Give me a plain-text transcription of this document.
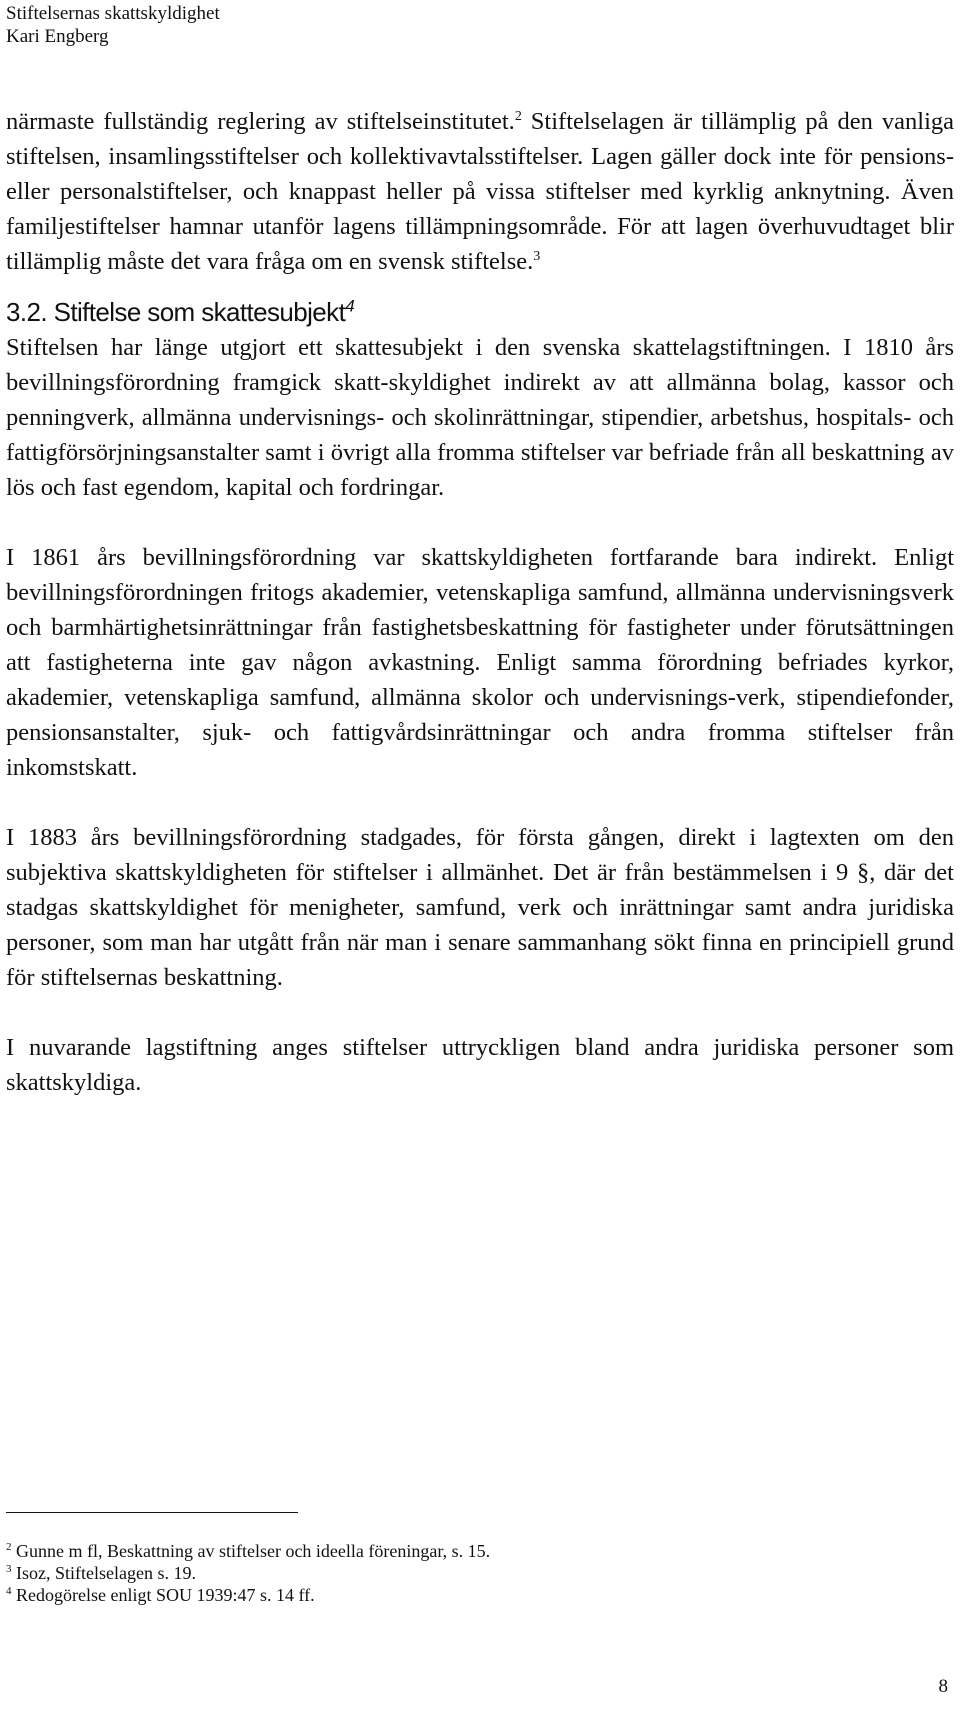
Stiftelsernas skattskyldighet
Kari Engberg

närmaste fullständig reglering av stiftelseinstitutet.$^2$ Stiftelselagen är tillämplig på den vanliga stiftelsen, insamlingsstiftelser och kollektivavtalsstiftelser. Lagen gäller dock inte för pensions- eller personalstiftelser, och knappast heller på vissa stiftelser med kyrklig anknytning. Även familjestiftelser hamnar utanför lagens tillämpningsområde. För att lagen överhuvudtaget blir tillämplig måste det vara fråga om en svensk stiftelse.$^3$

3.2. Stiftelse som skattesubjekt$^4$

Stiftelsen har länge utgjort ett skattesubjekt i den svenska skattelagstiftningen. I 1810 års bevillningsförordning framgick skatt-skyldighet indirekt av att allmänna bolag, kassor och penningverk, allmänna undervisnings- och skolinrättningar, stipendier, arbetshus, hospitals- och fattigförsörjningsanstalter samt i övrigt alla fromma stiftelser var befriade från all beskattning av lös och fast egendom, kapital och fordringar.

I 1861 års bevillningsförordning var skattskyldigheten fortfarande bara indirekt. Enligt bevillningsförordningen fritogs akademier, vetenskapliga samfund, allmänna undervisningsverk och barmhärtighetsinrättningar från fastighetsbeskattning för fastigheter under förutsättningen att fastigheterna inte gav någon avkastning. Enligt samma förordning befriades kyrkor, akademier, vetenskapliga samfund, allmänna skolor och undervisnings-verk, stipendiefonder, pensionsanstalter, sjuk- och fattigvårdsinrättningar och andra fromma stiftelser från inkomstskatt.

I 1883 års bevillningsförordning stadgades, för första gången, direkt i lagtexten om den subjektiva skattskyldigheten för stiftelser i allmänhet. Det är från bestämmelsen i 9 §, där det stadgas skattskyldighet för menigheter, samfund, verk och inrättningar samt andra juridiska personer, som man har utgått från när man i senare sammanhang sökt finna en principiell grund för stiftelsernas beskattning.

I nuvarande lagstiftning anges stiftelser uttryckligen bland andra juridiska personer som skattskyldiga.

$^2$ Gunne m fl, Beskattning av stiftelser och ideella föreningar, s. 15.
$^3$ Isoz, Stiftelselagen s. 19.
$^4$ Redogörelse enligt SOU 1939:47 s. 14 ff.
8
